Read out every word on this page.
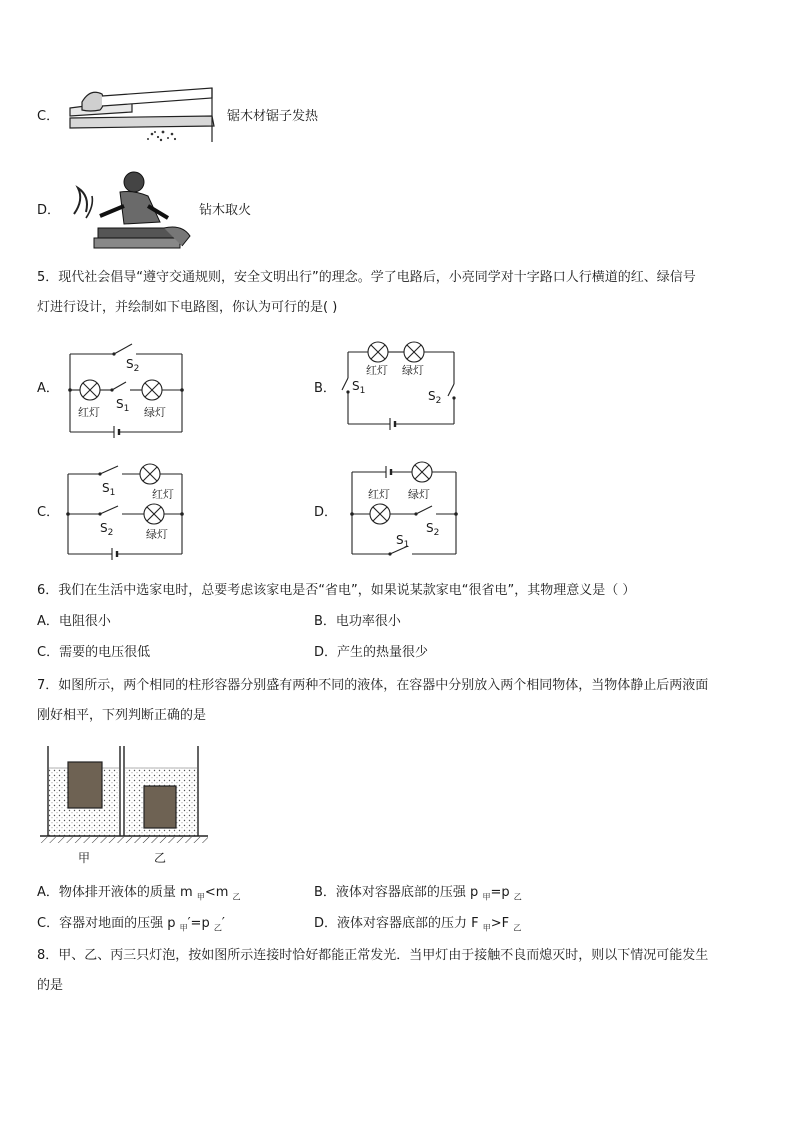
C．	锯木材锯子发热
D．	钻木取火
5．现代社会倡导“遵守交通规则，安全文明出行”的理念。学了电路后，小亮同学对十字路口人行横道的红、绿信号
灯进行设计，并绘制如下电路图，你认为可行的是( )
A．
$S_2$
$S_1$
红灯	绿灯
B．
红灯 绿灯
$S_1$	$S_2$
C．
$S_1$	红灯
$S_2$	绿灯
D．
红灯 绿灯
$S_2$
$S_1$
6．我们在生活中选家电时，总要考虑该家电是否“省电”，如果说某款家电“很省电”，其物理意义是（ ）
A．电阻很小	B．电功率很小
C．需要的电压很低	D．产生的热量很少
7．如图所示，两个相同的柱形容器分别盛有两种不同的液体，在容器中分别放入两个相同物体，当物体静止后两液面
刚好相平，下列判断正确的是
甲	乙
A．物体排开液体的质量 m $_甲$<m $_乙$	B．液体对容器底部的压强 p $_甲$=p $_乙$
C．容器对地面的压强 p $_甲$′=p $_乙$′	D．液体对容器底部的压力 F $_甲$>F $_乙$
8．甲、乙、丙三只灯泡，按如图所示连接时恰好都能正常发光．当甲灯由于接触不良而熄灭时，则以下情况可能发生
的是
